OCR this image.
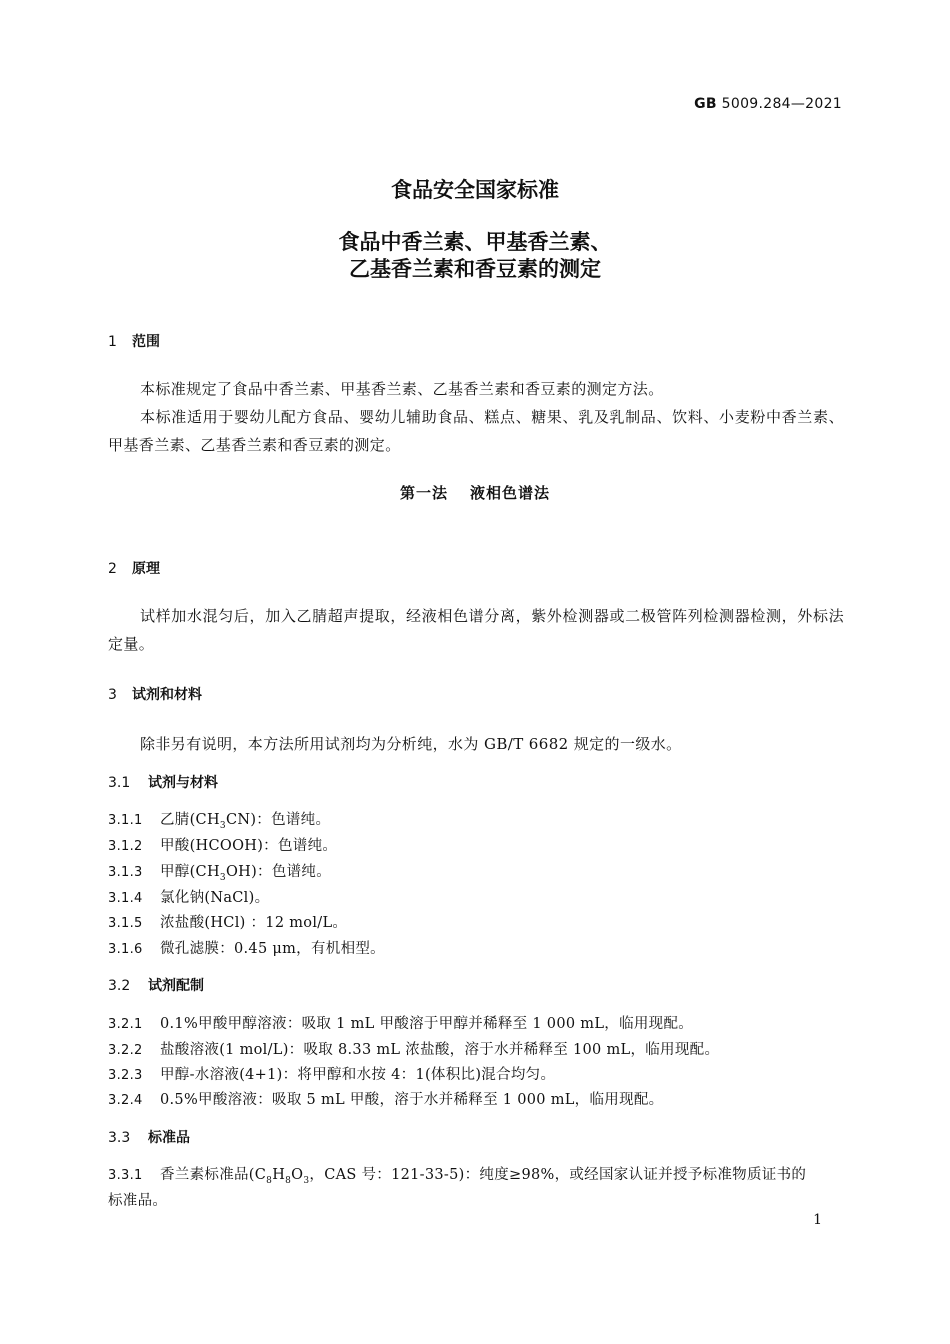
GB 5009.284—2021
食品安全国家标准
食品中香兰素、甲基香兰素、
乙基香兰素和香豆素的测定
1 范围
本标准规定了食品中香兰素、甲基香兰素、乙基香兰素和香豆素的测定方法。
本标准适用于婴幼儿配方食品、婴幼儿辅助食品、糕点、糖果、乳及乳制品、饮料、小麦粉中香兰素、甲基香兰素、乙基香兰素和香豆素的测定。
第一法 液相色谱法
2 原理
试样加水混匀后，加入乙腈超声提取，经液相色谱分离，紫外检测器或二极管阵列检测器检测，外标法定量。
3 试剂和材料
除非另有说明，本方法所用试剂均为分析纯，水为 GB/T 6682 规定的一级水。
3.1 试剂与材料
3.1.1 乙腈$(CH_3CN)$：色谱纯。
3.1.2 甲酸(HCOOH)：色谱纯。
3.1.3 甲醇$(CH_3OH)$：色谱纯。
3.1.4 氯化钠(NaCl)。
3.1.5 浓盐酸(HCl) ：12 mol/L。
3.1.6 微孔滤膜：0.45 μm，有机相型。
3.2 试剂配制
3.2.1 0.1%甲酸甲醇溶液：吸取 1 mL 甲酸溶于甲醇并稀释至 1 000 mL，临用现配。
3.2.2 盐酸溶液(1 mol/L)：吸取 8.33 mL 浓盐酸，溶于水并稀释至 100 mL，临用现配。
3.2.3 甲醇-水溶液(4+1)：将甲醇和水按 4：1(体积比)混合均匀。
3.2.4 0.5%甲酸溶液：吸取 5 mL 甲酸，溶于水并稀释至 1 000 mL，临用现配。
3.3 标准品
3.3.1 香兰素标准品($C_8H_8O_3$，CAS 号：121-33-5)：纯度≥98%，或经国家认证并授予标准物质证书的
标准品。
1
